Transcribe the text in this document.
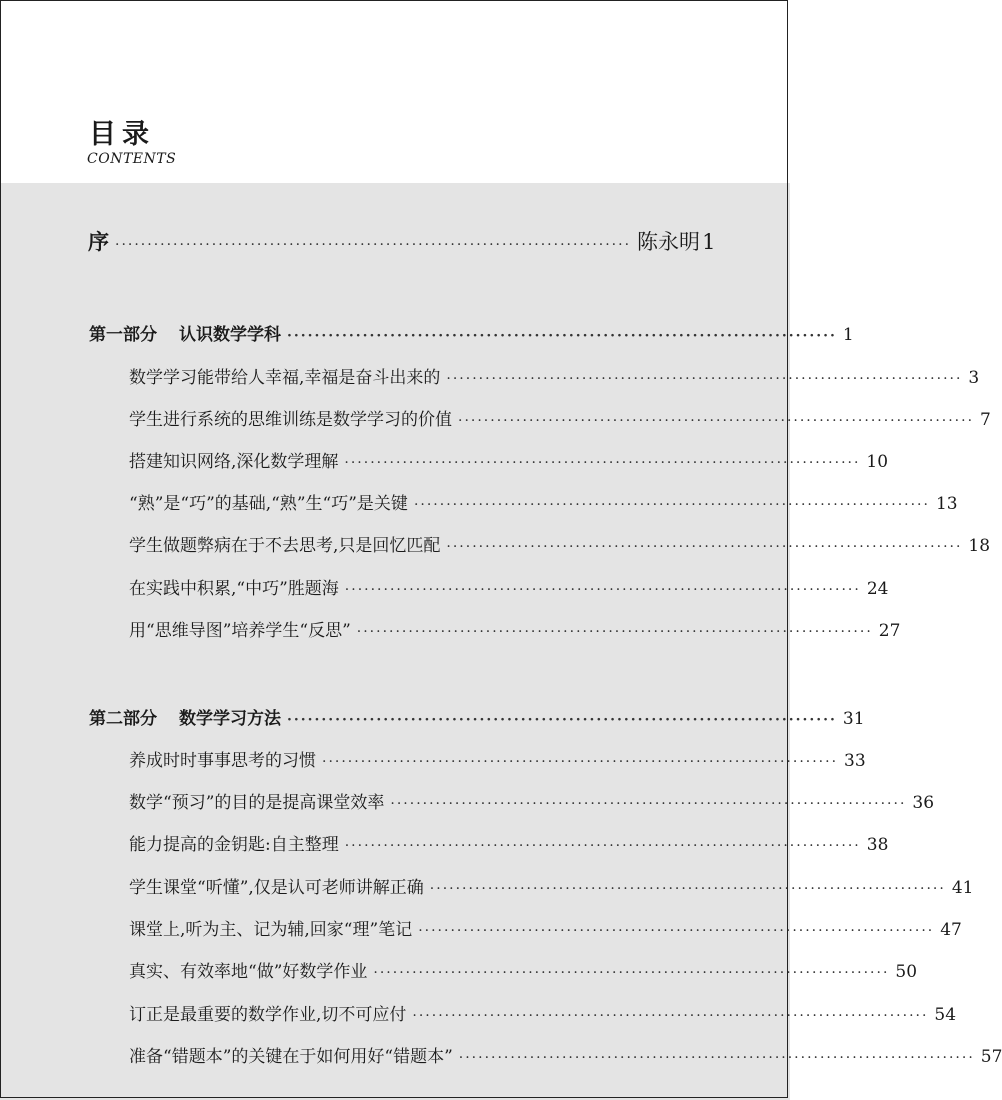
目录
CONTENTS
序 ················································································ 陈永明 1
第一部分 认识数学学科 ················································································ 1
数学学习能带给人幸福,幸福是奋斗出来的 ················································································ 3
学生进行系统的思维训练是数学学习的价值 ················································································ 7
搭建知识网络,深化数学理解 ················································································ 10
“熟”是“巧”的基础,“熟”生“巧”是关键 ················································································ 13
学生做题弊病在于不去思考,只是回忆匹配 ················································································ 18
在实践中积累,“中巧”胜题海 ················································································ 24
用“思维导图”培养学生“反思” ················································································ 27
第二部分 数学学习方法 ················································································ 31
养成时时事事思考的习惯 ················································································ 33
数学“预习”的目的是提高课堂效率 ················································································ 36
能力提高的金钥匙:自主整理 ················································································ 38
学生课堂“听懂”,仅是认可老师讲解正确 ················································································ 41
课堂上,听为主、记为辅,回家“理”笔记 ················································································ 47
真实、有效率地“做”好数学作业 ················································································ 50
订正是最重要的数学作业,切不可应付 ················································································ 54
准备“错题本”的关键在于如何用好“错题本” ················································································ 57
